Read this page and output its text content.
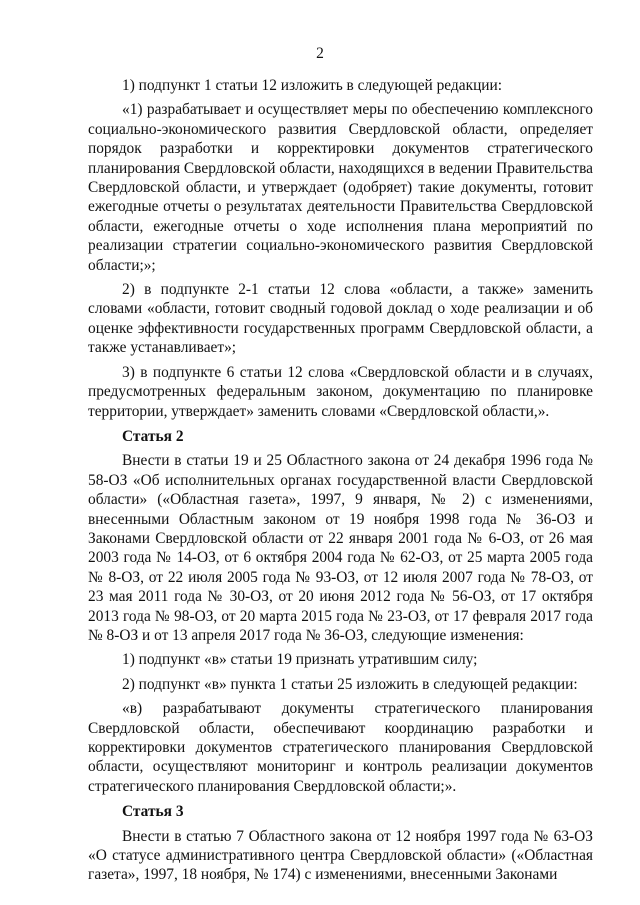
2

1) подпункт 1 статьи 12 изложить в следующей редакции:

«1) разрабатывает и осуществляет меры по обеспечению комплексного социально-экономического развития Свердловской области, определяет порядок разработки и корректировки документов стратегического планирования Свердловской области, находящихся в ведении Правительства Свердловской области, и утверждает (одобряет) такие документы, готовит ежегодные отчеты о результатах деятельности Правительства Свердловской области, ежегодные отчеты о ходе исполнения плана мероприятий по реализации стратегии социально-экономического развития Свердловской области;»;

2) в подпункте 2-1 статьи 12 слова «области, а также» заменить словами «области, готовит сводный годовой доклад о ходе реализации и об оценке эффективности государственных программ Свердловской области, а также устанавливает»;

3) в подпункте 6 статьи 12 слова «Свердловской области и в случаях, предусмотренных федеральным законом, документацию по планировке территории, утверждает» заменить словами «Свердловской области,».

Статья 2

Внести в статьи 19 и 25 Областного закона от 24 декабря 1996 года № 58-ОЗ «Об исполнительных органах государственной власти Свердловской области» («Областная газета», 1997, 9 января, № 2) с изменениями, внесенными Областным законом от 19 ноября 1998 года № 36-ОЗ и Законами Свердловской области от 22 января 2001 года № 6-ОЗ, от 26 мая 2003 года № 14-ОЗ, от 6 октября 2004 года № 62-ОЗ, от 25 марта 2005 года № 8-ОЗ, от 22 июля 2005 года № 93-ОЗ, от 12 июля 2007 года № 78-ОЗ, от 23 мая 2011 года № 30-ОЗ, от 20 июня 2012 года № 56-ОЗ, от 17 октября 2013 года № 98-ОЗ, от 20 марта 2015 года № 23-ОЗ, от 17 февраля 2017 года № 8-ОЗ и от 13 апреля 2017 года № 36-ОЗ, следующие изменения:

1) подпункт «в» статьи 19 признать утратившим силу;

2) подпункт «в» пункта 1 статьи 25 изложить в следующей редакции:

«в) разрабатывают документы стратегического планирования Свердловской области, обеспечивают координацию разработки и корректировки документов стратегического планирования Свердловской области, осуществляют мониторинг и контроль реализации документов стратегического планирования Свердловской области;».

Статья 3

Внести в статью 7 Областного закона от 12 ноября 1997 года № 63-ОЗ «О статусе административного центра Свердловской области» («Областная газета», 1997, 18 ноября, № 174) с изменениями, внесенными Законами
